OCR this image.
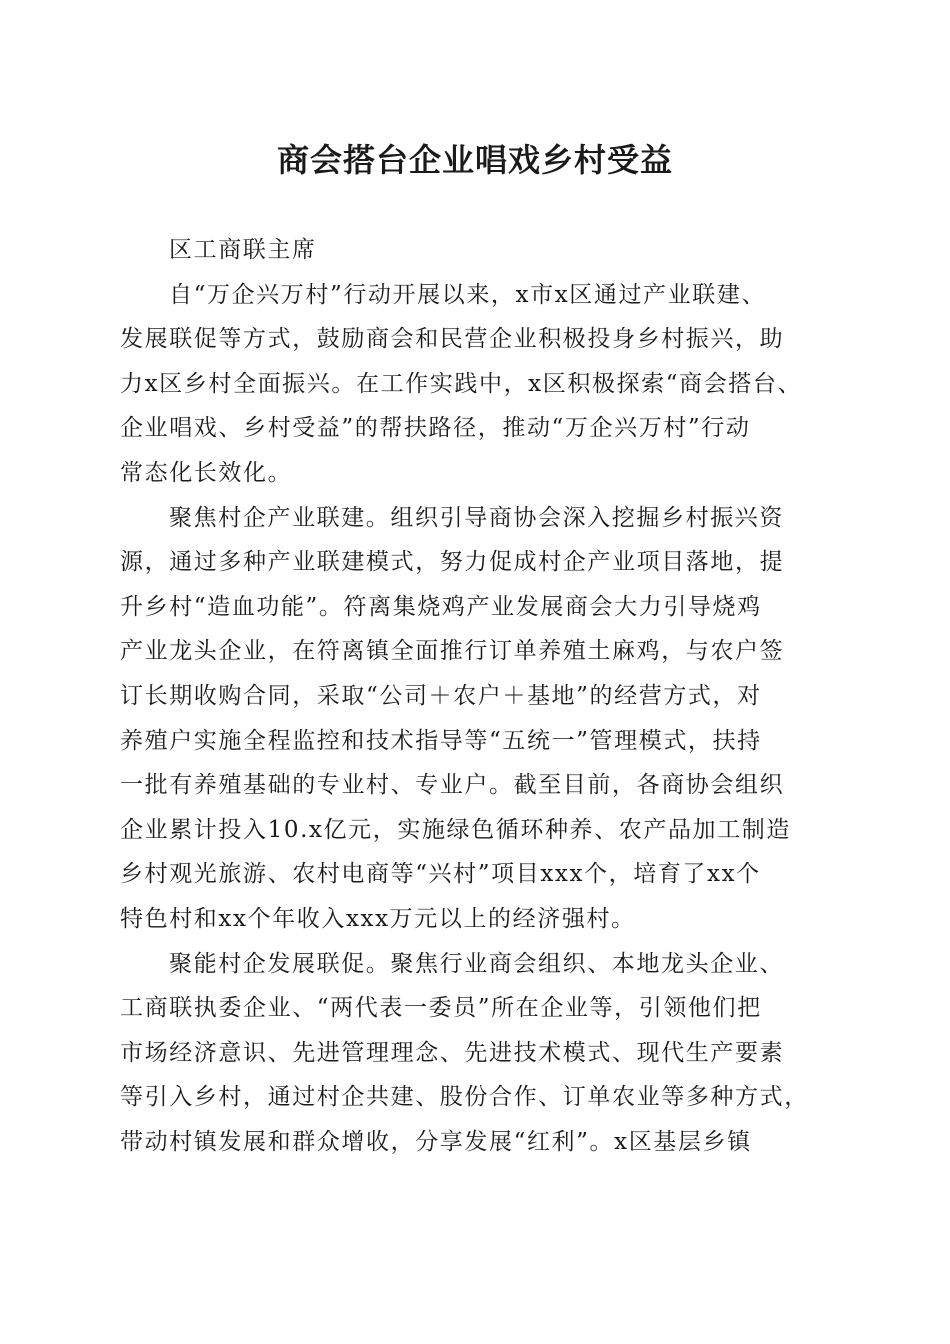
商会搭台企业唱戏乡村受益
区工商联主席
自“万企兴万村”行动开展以来，x市x区通过产业联建、
发展联促等方式，鼓励商会和民营企业积极投身乡村振兴，助
力x区乡村全面振兴。在工作实践中，x区积极探索“商会搭台、
企业唱戏、乡村受益”的帮扶路径，推动“万企兴万村”行动
常态化长效化。
聚焦村企产业联建。组织引导商协会深入挖掘乡村振兴资
源，通过多种产业联建模式，努力促成村企产业项目落地，提
升乡村“造血功能”。符离集烧鸡产业发展商会大力引导烧鸡
产业龙头企业，在符离镇全面推行订单养殖土麻鸡，与农户签
订长期收购合同，采取“公司＋农户＋基地”的经营方式，对
养殖户实施全程监控和技术指导等“五统一”管理模式，扶持
一批有养殖基础的专业村、专业户。截至目前，各商协会组织
企业累计投入10.x亿元，实施绿色循环种养、农产品加工制造
乡村观光旅游、农村电商等“兴村”项目xxx个，培育了xx个
特色村和xx个年收入xxx万元以上的经济强村。
聚能村企发展联促。聚焦行业商会组织、本地龙头企业、
工商联执委企业、“两代表一委员”所在企业等，引领他们把
市场经济意识、先进管理理念、先进技术模式、现代生产要素
等引入乡村，通过村企共建、股份合作、订单农业等多种方式，
带动村镇发展和群众增收，分享发展“红利”。x区基层乡镇
